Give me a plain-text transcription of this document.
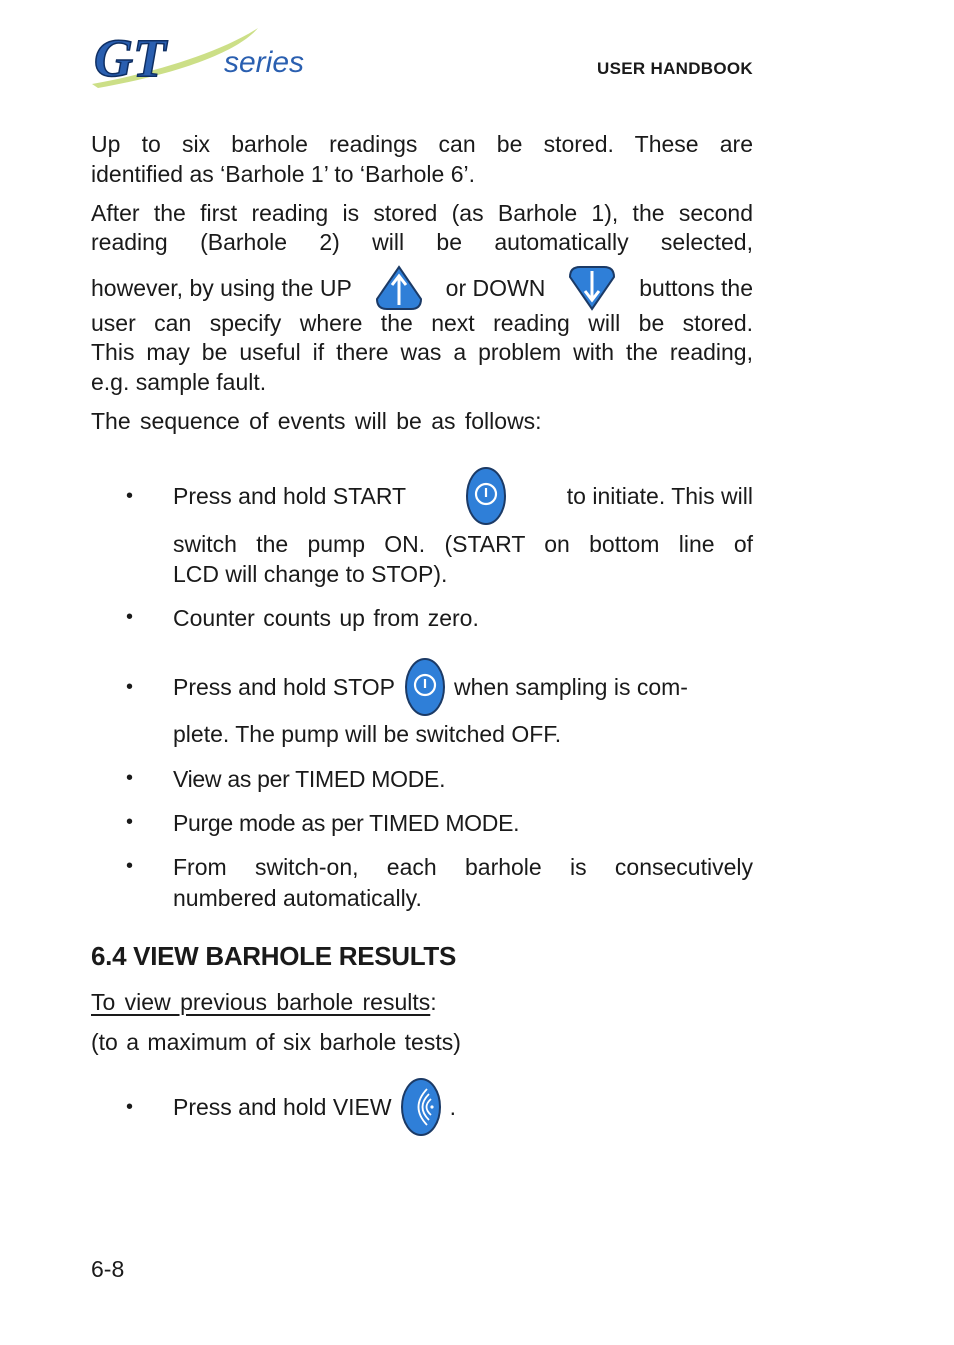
GT series	USER HANDBOOK
Up to six barhole readings can be stored. These are
identified as ‘Barhole 1’ to ‘Barhole 6’.
After the first reading is stored (as Barhole 1), the second
reading (Barhole 2) will be automatically selected,
however, by using the UP	or DOWN	buttons the
user can specify where the next reading will be stored.
This may be useful if there was a problem with the reading,
e.g. sample fault.
The sequence of events will be as follows:
• Press and hold START	to initiate. This will
switch the pump ON. (START on bottom line of
LCD will change to STOP).
• Counter counts up from zero.
• Press and hold STOP	when sampling is com-
plete. The pump will be switched OFF.
• View as per TIMED MODE.
• Purge mode as per TIMED MODE.
• From switch-on, each barhole is consecutively
numbered automatically.
6.4 VIEW BARHOLE RESULTS
To view previous barhole results:
(to a maximum of six barhole tests)
• Press and hold VIEW	.
6-8
